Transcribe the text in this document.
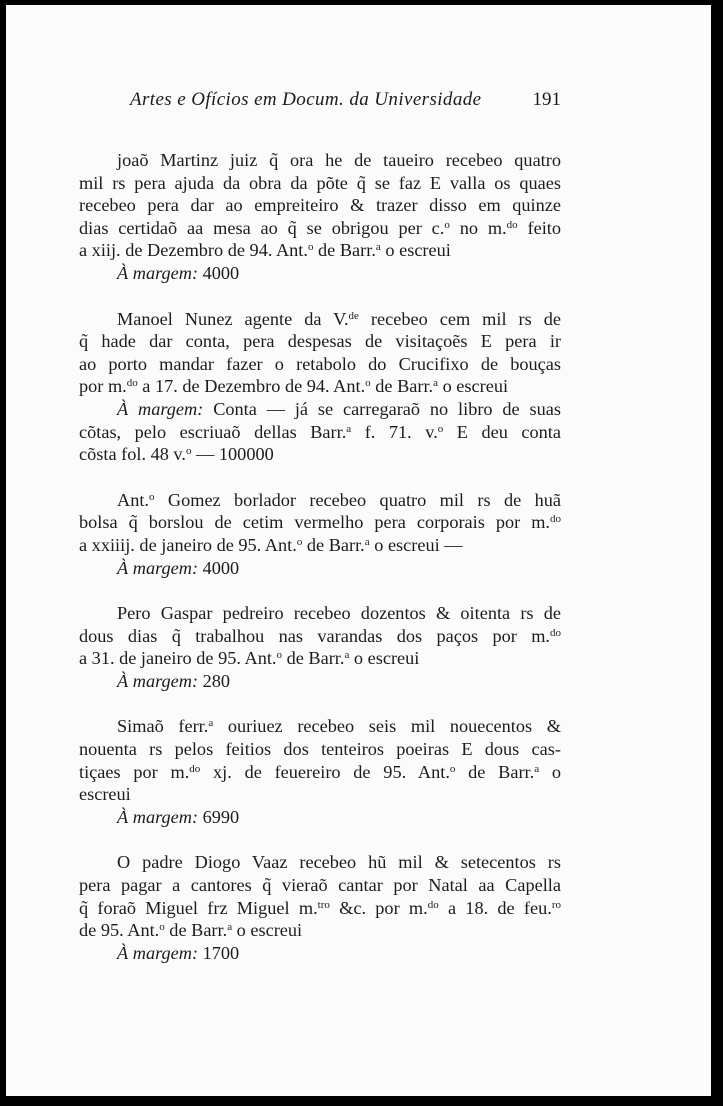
Artes e Ofícios em Docum. da Universidade	191
joaõ Martinz juiz q̃ ora he de taueiro recebeo quatro
mil rs pera ajuda da obra da põte q̃ se faz E valla os quaes
recebeo pera dar ao empreiteiro & trazer disso em quinze
dias certidaõ aa mesa ao q̃ se obrigou per c.$^o$ no m.$^{do}$ feito
a xiij. de Dezembro de 94. Ant.$^o$ de Barr.$^a$ o escreui
À margem: 4000
Manoel Nunez agente da V.$^{de}$ recebeo cem mil rs de
q̃ hade dar conta, pera despesas de visitaçoẽs E pera ir
ao porto mandar fazer o retabolo do Crucifixo de bouças
por m.$^{do}$ a 17. de Dezembro de 94. Ant.$^o$ de Barr.$^a$ o escreui
À margem: Conta — já se carregaraõ no libro de suas
cõtas, pelo escriuaõ dellas Barr.$^a$ f. 71. v.$^o$ E deu conta
cõsta fol. 48 v.$^o$ — 100000
Ant.$^o$ Gomez borlador recebeo quatro mil rs de huã
bolsa q̃ borslou de cetim vermelho pera corporais por m.$^{do}$
a xxiiij. de janeiro de 95. Ant.$^o$ de Barr.$^a$ o escreui —
À margem: 4000
Pero Gaspar pedreiro recebeo dozentos & oitenta rs de
dous dias q̃ trabalhou nas varandas dos paços por m.$^{do}$
a 31. de janeiro de 95. Ant.$^o$ de Barr.$^a$ o escreui
À margem: 280
Simaõ ferr.$^a$ ouriuez recebeo seis mil nouecentos &
nouenta rs pelos feitios dos tenteiros poeiras E dous cas-
tiçaes por m.$^{do}$ xj. de feuereiro de 95. Ant.$^o$ de Barr.$^a$ o
escreui
À margem: 6990
O padre Diogo Vaaz recebeo hũ mil & setecentos rs
pera pagar a cantores q̃ vieraõ cantar por Natal aa Capella
q̃ foraõ Miguel frz Miguel m.$^{tro}$ &c. por m.$^{do}$ a 18. de feu.$^{ro}$
de 95. Ant.$^o$ de Barr.$^a$ o escreui
À margem: 1700
